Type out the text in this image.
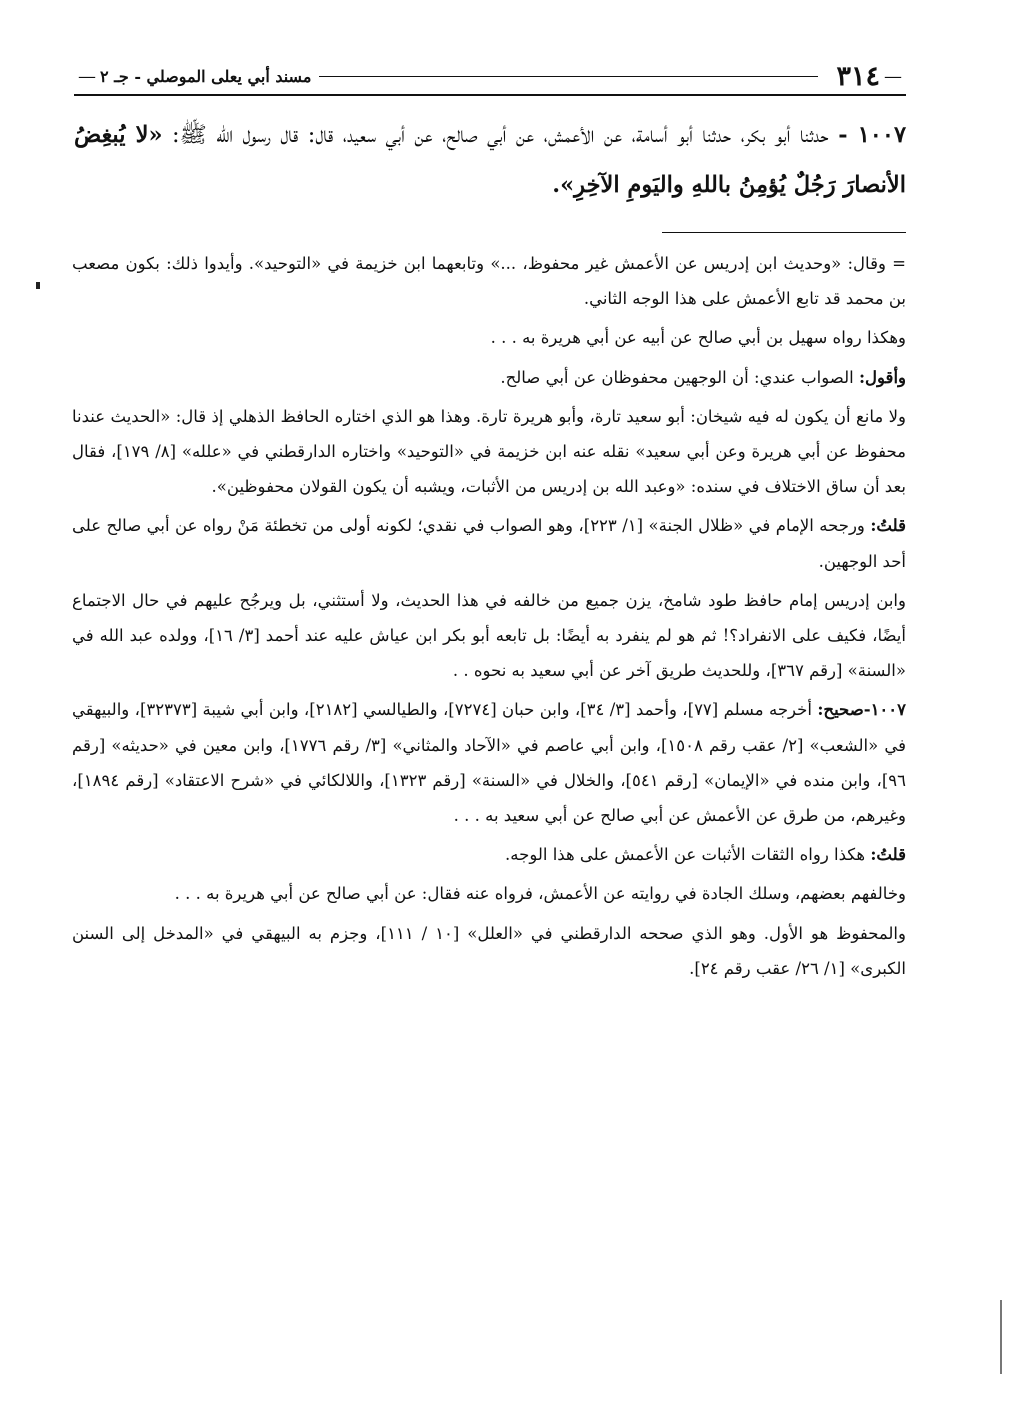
—
٣١٤
مسند أبي يعلى الموصلي - جـ ٢
—
١٠٠٧ - حدثنا أبو بكر، حدثنا أبو أسامة، عن الأعمش، عن أبي صالح، عن أبي سعيد، قال: قال رسول الله ﷺ: «لا يُبغِضُ الأنصارَ رَجُلٌ يُؤمِنُ باللهِ واليَومِ الآخِرِ».

= وقال: «وحديث ابن إدريس عن الأعمش غير محفوظ، ...» وتابعهما ابن خزيمة في «التوحيد». وأيدوا ذلك: بكون مصعب بن محمد قد تابع الأعمش على هذا الوجه الثاني.

وهكذا رواه سهيل بن أبي صالح عن أبيه عن أبي هريرة به . . .

وأقول: الصواب عندي: أن الوجهين محفوظان عن أبي صالح.

ولا مانع أن يكون له فيه شيخان: أبو سعيد تارة، وأبو هريرة تارة. وهذا هو الذي اختاره الحافظ الذهلي إذ قال: «الحديث عندنا محفوظ عن أبي هريرة وعن أبي سعيد» نقله عنه ابن خزيمة في «التوحيد» واختاره الدارقطني في «علله» [٨/ ١٧٩]، فقال بعد أن ساق الاختلاف في سنده: «وعبد الله بن إدريس من الأثبات، ويشبه أن يكون القولان محفوظين».

قلتُ: ورجحه الإمام في «ظلال الجنة» [١/ ٢٢٣]، وهو الصواب في نقدي؛ لكونه أولى من تخطئة مَنْ رواه عن أبي صالح على أحد الوجهين.

وابن إدريس إمام حافظ طود شامخ، يزن جميع من خالفه في هذا الحديث، ولا أستثني، بل ويرجُح عليهم في حال الاجتماع أيضًا، فكيف على الانفراد؟! ثم هو لم ينفرد به أيضًا: بل تابعه أبو بكر ابن عياش عليه عند أحمد [٣/ ١٦]، وولده عبد الله في «السنة» [رقم ٣٦٧]، وللحديث طريق آخر عن أبي سعيد به نحوه . .

١٠٠٧-صحيح: أخرجه مسلم [٧٧]، وأحمد [٣/ ٣٤]، وابن حبان [٧٢٧٤]، والطيالسي [٢١٨٢]، وابن أبي شيبة [٣٢٣٧٣]، والبيهقي في «الشعب» [٢/ عقب رقم ١٥٠٨]، وابن أبي عاصم في «الآحاد والمثاني» [٣/ رقم ١٧٧٦]، وابن معين في «حديثه» [رقم ٩٦]، وابن منده في «الإيمان» [رقم ٥٤١]، والخلال في «السنة» [رقم ١٣٢٣]، واللالكائي في «شرح الاعتقاد» [رقم ١٨٩٤]، وغيرهم، من طرق عن الأعمش عن أبي صالح عن أبي سعيد به . . .

قلتُ: هكذا رواه الثقات الأثبات عن الأعمش على هذا الوجه.

وخالفهم بعضهم، وسلك الجادة في روايته عن الأعمش، فرواه عنه فقال: عن أبي صالح عن أبي هريرة به . . .

والمحفوظ هو الأول. وهو الذي صححه الدارقطني في «العلل» [١٠ / ١١١]، وجزم به البيهقي في «المدخل إلى السنن الكبرى» [١/ ٢٦/ عقب رقم ٢٤].
